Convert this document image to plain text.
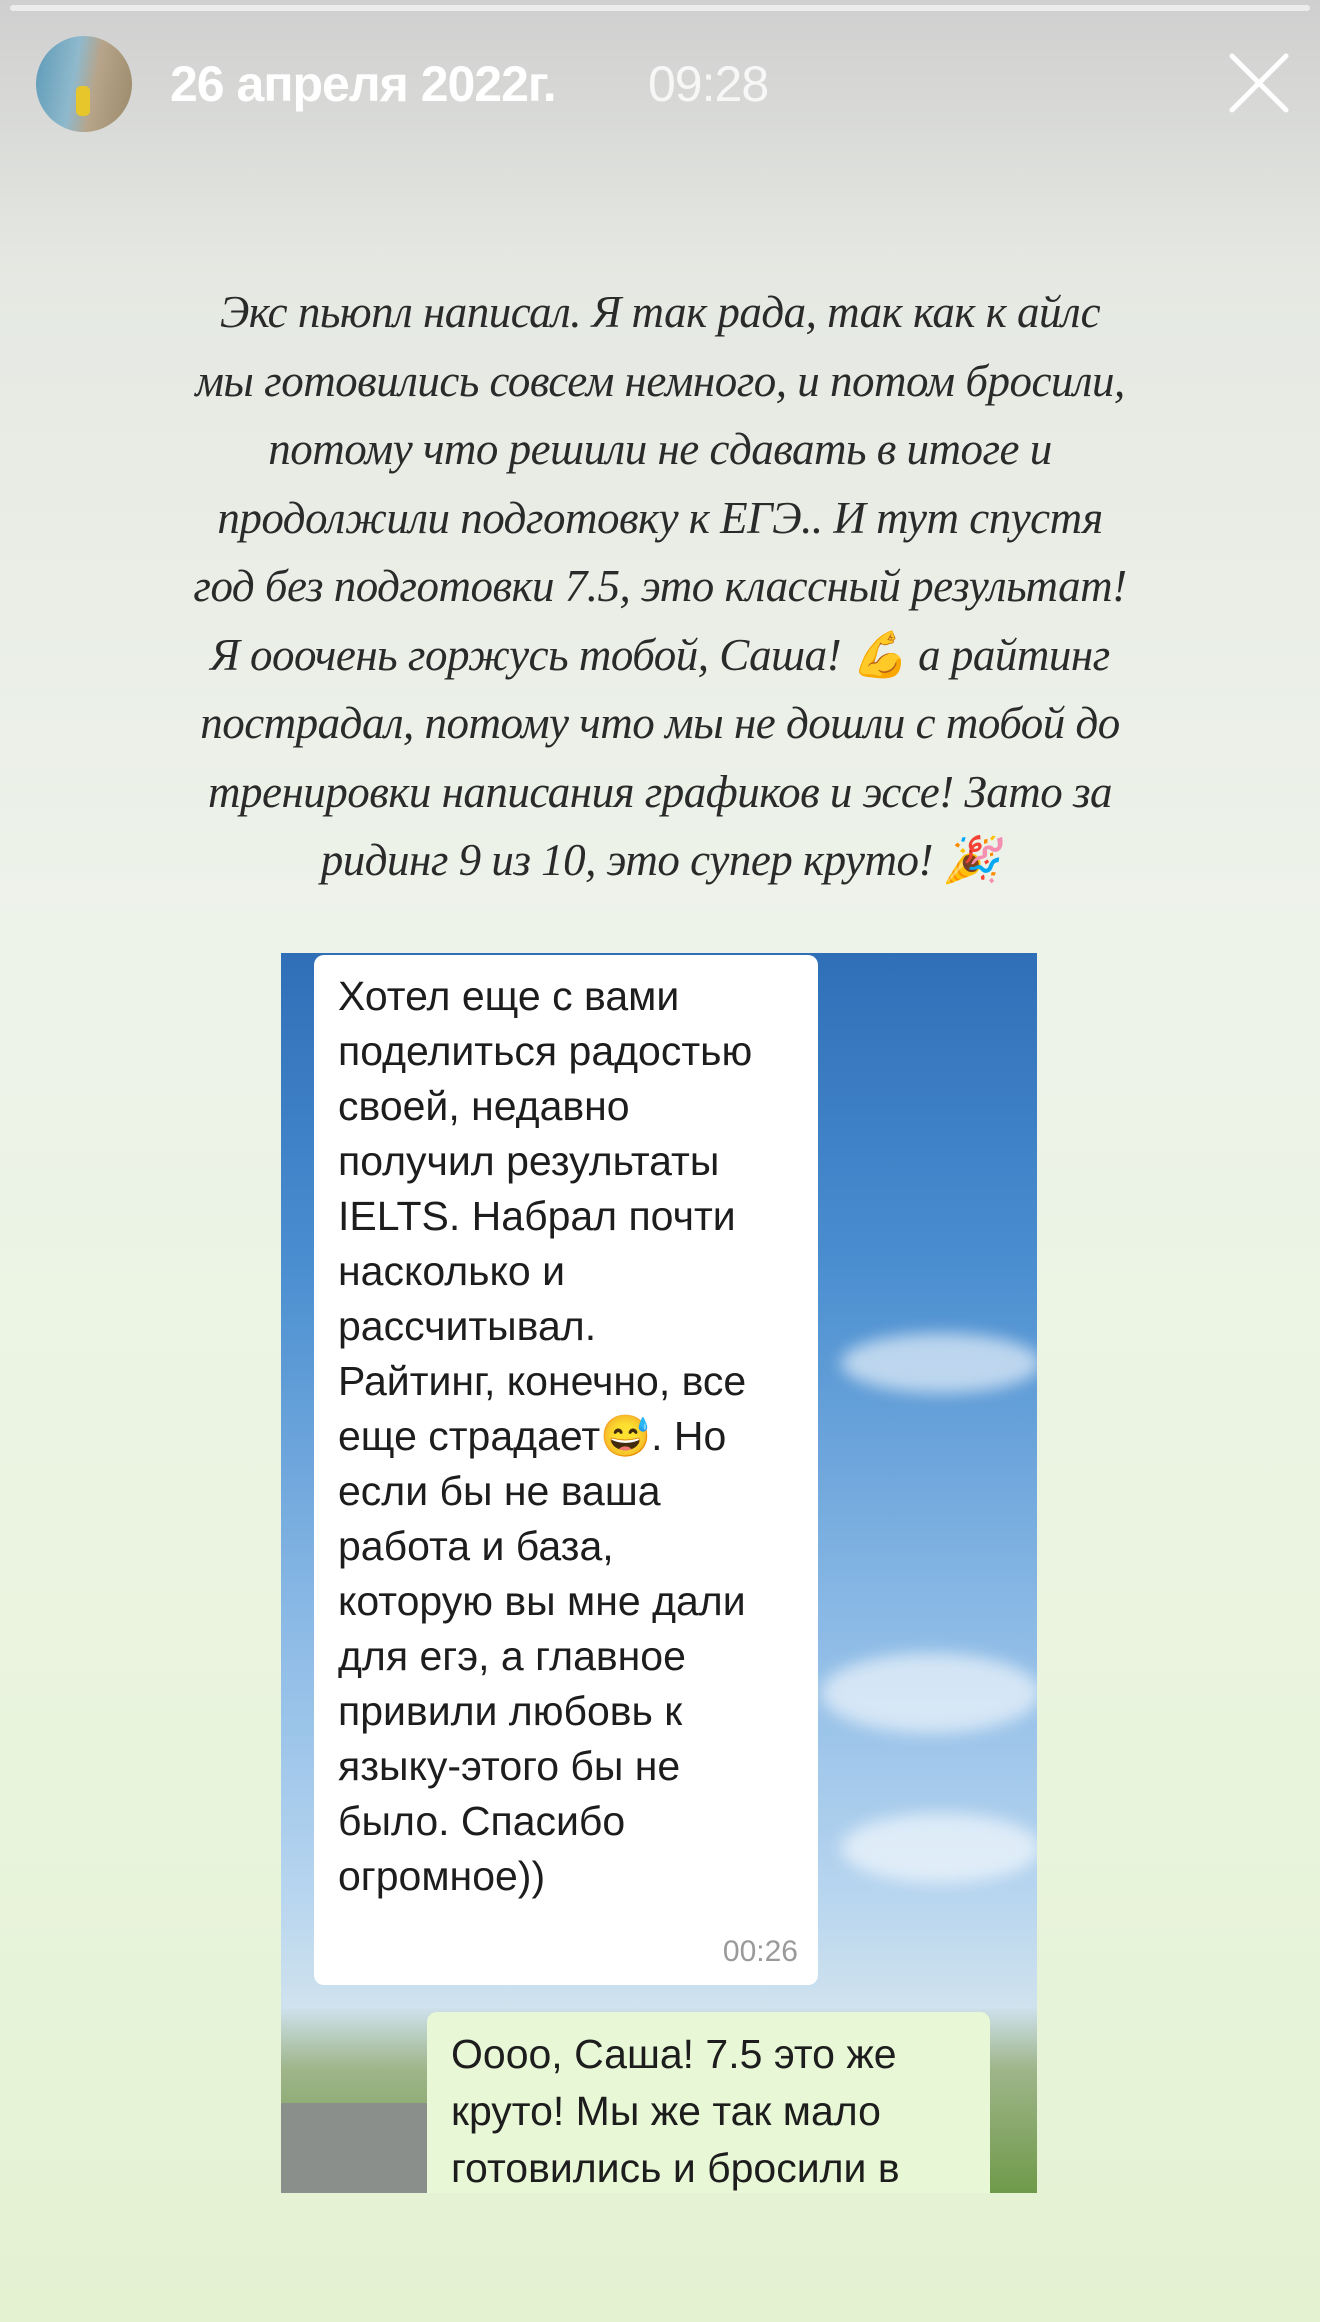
26 апреля 2022г. 09:28
Экс пьюпл написал. Я так рада, так как к айлс
мы готовились совсем немного, и потом бросили,
потому что решили не сдавать в итоге и
продолжили подготовку к ЕГЭ.. И тут спустя
год без подготовки 7.5, это классный результат!
Я ооочень горжусь тобой, Саша! 💪 а райтинг
пострадал, потому что мы не дошли с тобой до
тренировки написания графиков и эссе! Зато за
ридинг 9 из 10, это супер круто! 🎉
Хотел еще с вами
поделиться радостью
своей, недавно
получил результаты
IELTS. Набрал почти
насколько и
рассчитывал.
Райтинг, конечно, все
еще страдает😅. Но
если бы не ваша
работа и база,
которую вы мне дали
для егэ, а главное
привили любовь к
языку-этого бы не
было. Спасибо
огромное))
00:26
Оооо, Саша! 7.5 это же
круто! Мы же так мало
готовились и бросили в
